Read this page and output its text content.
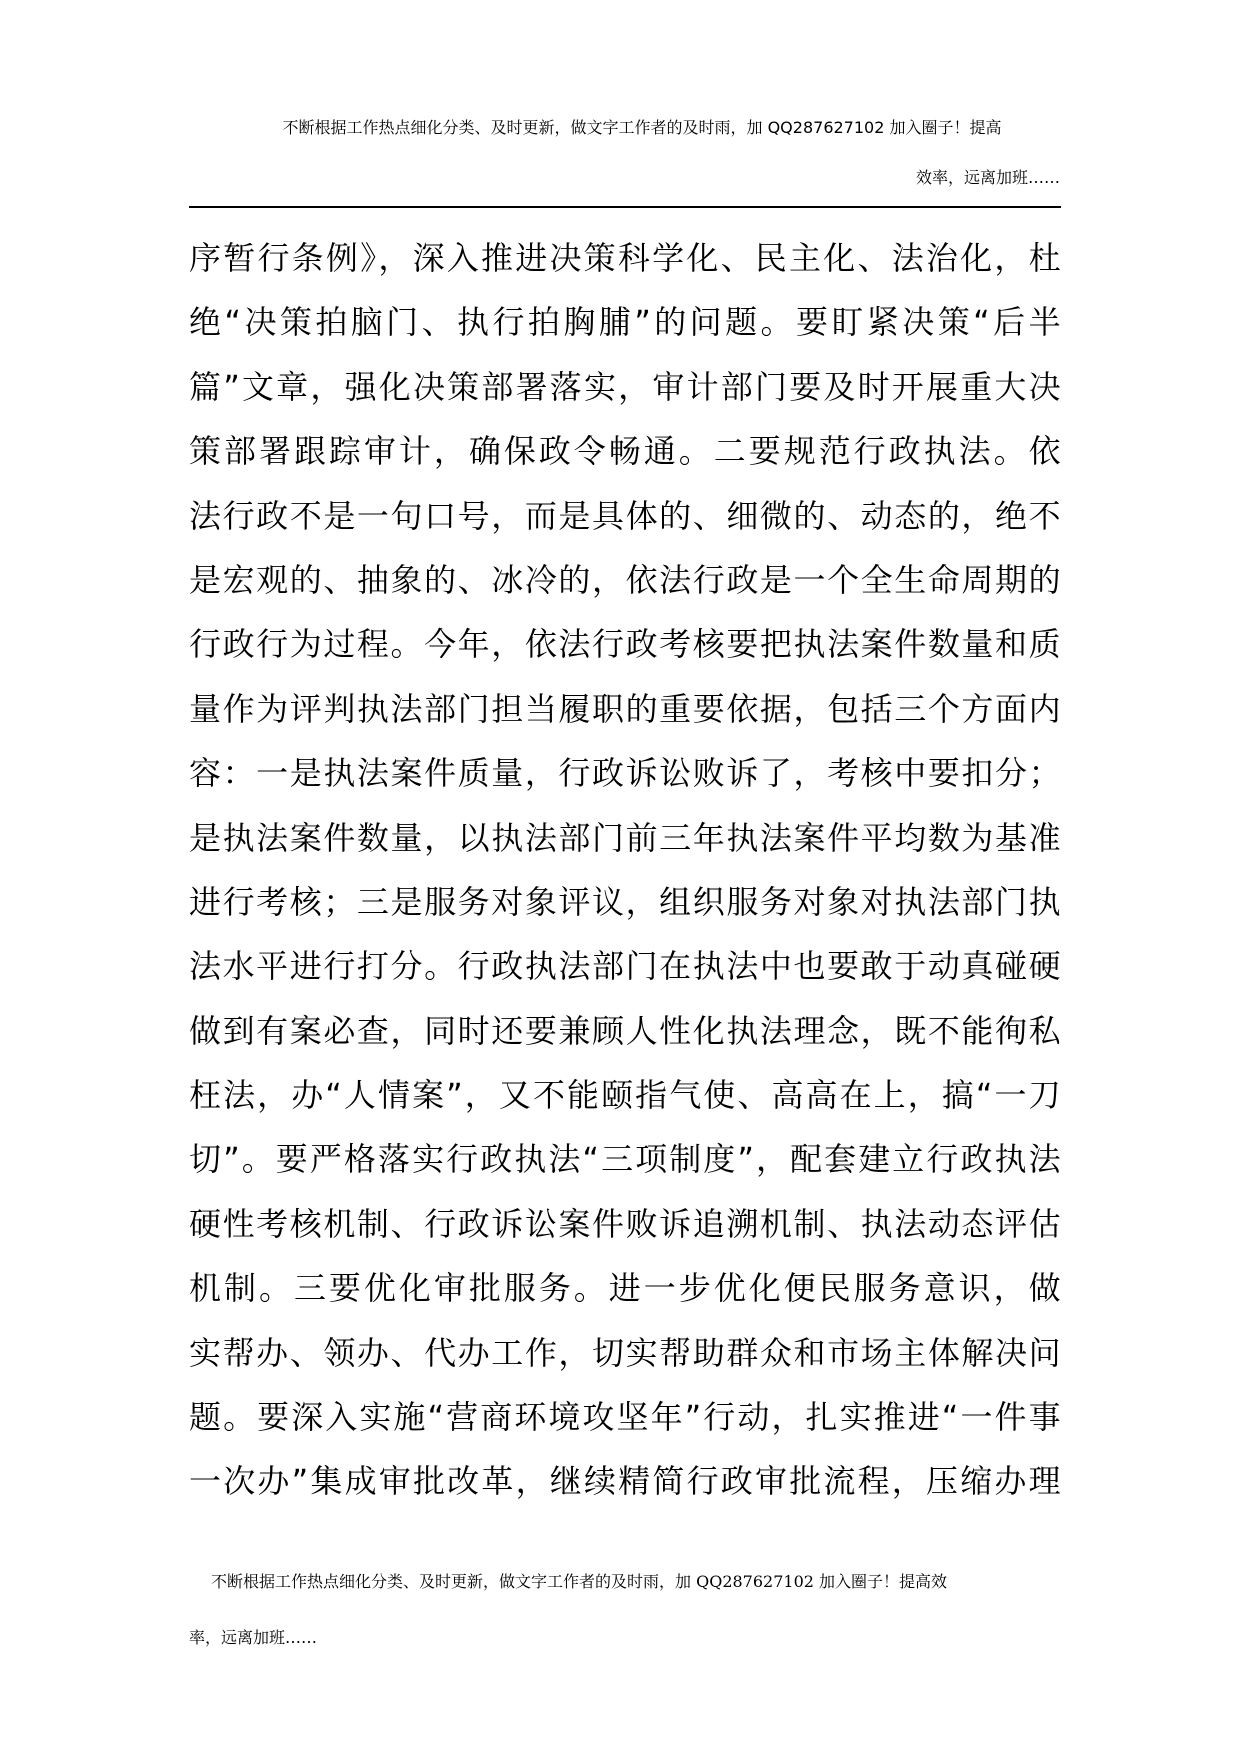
不断根据工作热点细化分类、及时更新，做文字工作者的及时雨，加 QQ287627102 加入圈子！提高
效率，远离加班……
序暂行条例》，深入推进决策科学化、民主化、法治化，杜
绝“决策拍脑门、执行拍胸脯”的问题。要盯紧决策“后半
篇”文章，强化决策部署落实，审计部门要及时开展重大决
策部署跟踪审计，确保政令畅通。二要规范行政执法。依
法行政不是一句口号，而是具体的、细微的、动态的，绝不
是宏观的、抽象的、冰冷的，依法行政是一个全生命周期的
行政行为过程。今年，依法行政考核要把执法案件数量和质
量作为评判执法部门担当履职的重要依据，包括三个方面内
容：一是执法案件质量，行政诉讼败诉了，考核中要扣分；
是执法案件数量，以执法部门前三年执法案件平均数为基准
进行考核；三是服务对象评议，组织服务对象对执法部门执
法水平进行打分。行政执法部门在执法中也要敢于动真碰硬
做到有案必查，同时还要兼顾人性化执法理念，既不能徇私
枉法，办“人情案”，又不能颐指气使、高高在上，搞“一刀
切”。要严格落实行政执法“三项制度”，配套建立行政执法
硬性考核机制、行政诉讼案件败诉追溯机制、执法动态评估
机制。三要优化审批服务。进一步优化便民服务意识，做
实帮办、领办、代办工作，切实帮助群众和市场主体解决问
题。要深入实施“营商环境攻坚年”行动，扎实推进“一件事
一次办”集成审批改革，继续精简行政审批流程，压缩办理
不断根据工作热点细化分类、及时更新，做文字工作者的及时雨，加 QQ287627102 加入圈子！提高效
率，远离加班……
